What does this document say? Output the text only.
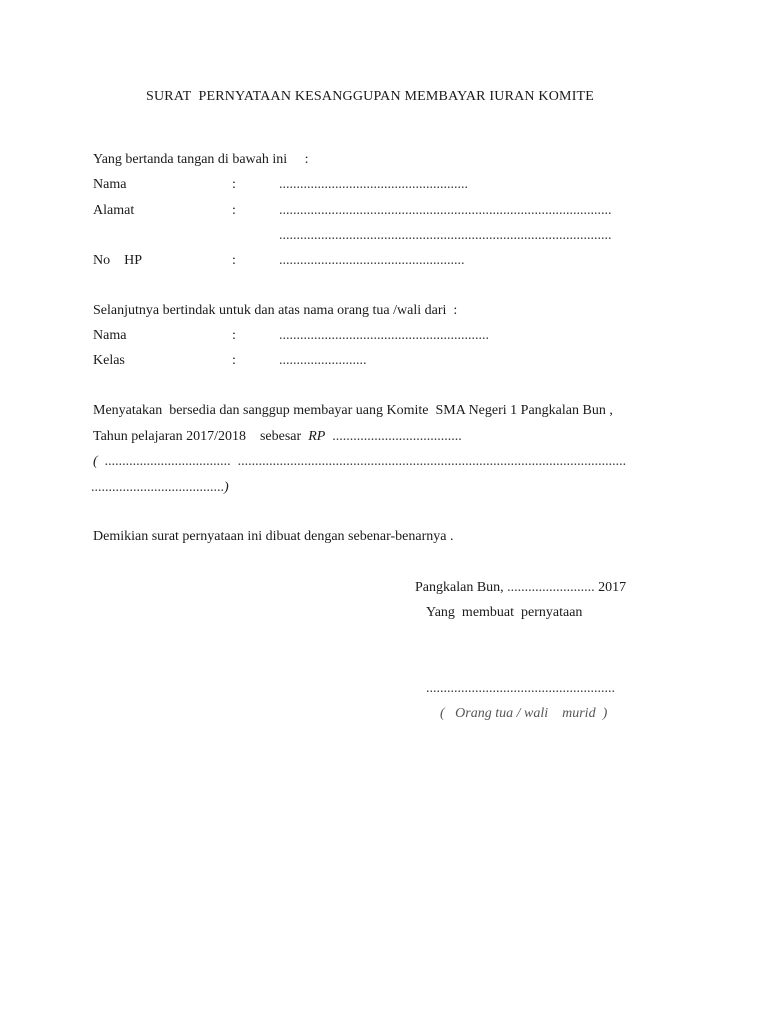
SURAT  PERNYATAAN KESANGGUPAN MEMBAYAR IURAN KOMITE
Yang bertanda tangan di bawah ini     :
Nama	:	......................................................
Alamat	:	...............................................................................................
...............................................................................................
No    HP	:	.....................................................
Selanjutnya bertindak untuk dan atas nama orang tua /wali dari  :
Nama	:	............................................................
Kelas	:	.........................
Menyatakan  bersedia dan sanggup membayar uang Komite  SMA Negeri 1 Pangkalan Bun ,
Tahun pelajaran 2017/2018    sebesar  RP  .....................................
(  ....................................  ...............................................................................................................
......................................)
Demikian surat pernyataan ini dibuat dengan sebenar-benarnya .
Pangkalan Bun, ......................... 2017
Yang  membuat  pernyataan
......................................................
(   Orang tua / wali    murid  )
